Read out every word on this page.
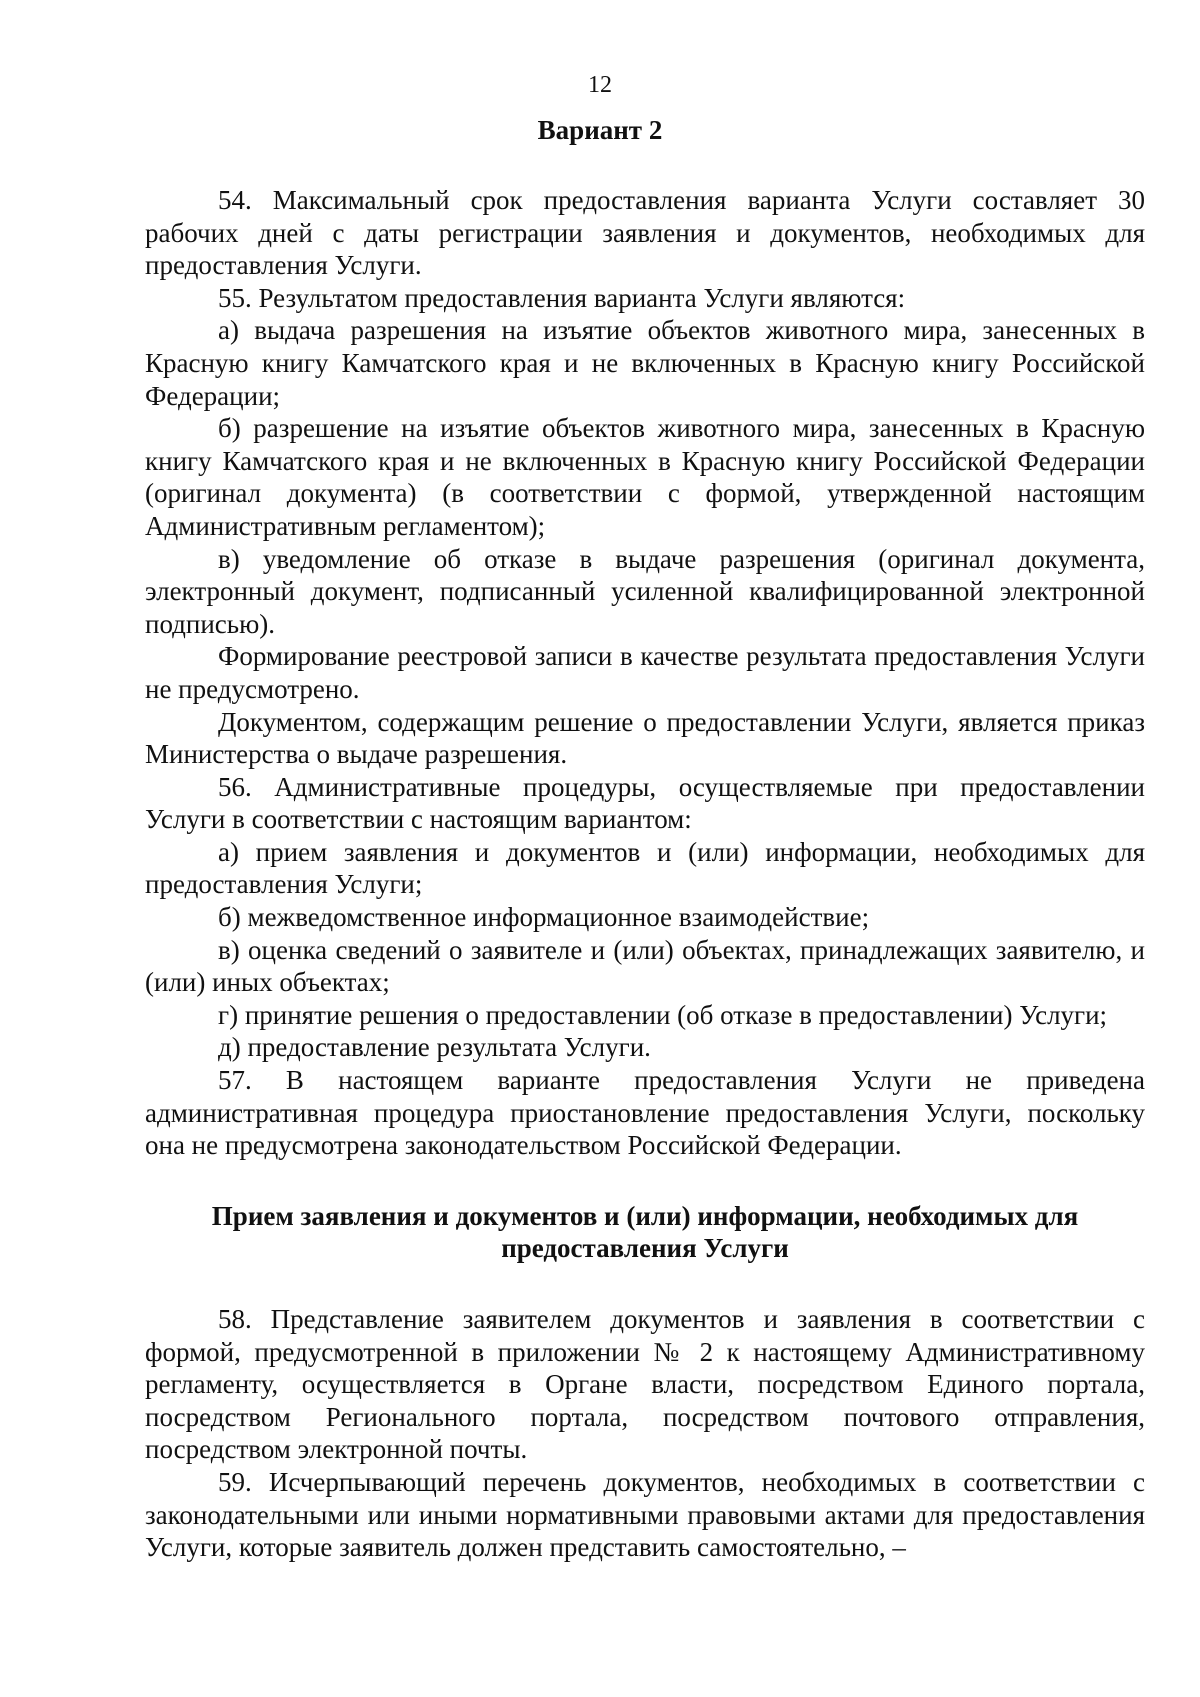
12

Вариант 2

54. Максимальный срок предоставления варианта Услуги составляет 30 рабочих дней с даты регистрации заявления и документов, необходимых для предоставления Услуги.

55. Результатом предоставления варианта Услуги являются:

а) выдача разрешения на изъятие объектов животного мира, занесенных в Красную книгу Камчатского края и не включенных в Красную книгу Российской Федерации;

б) разрешение на изъятие объектов животного мира, занесенных в Красную книгу Камчатского края и не включенных в Красную книгу Российской Федерации (оригинал документа) (в соответствии с формой, утвержденной настоящим Административным регламентом);

в) уведомление об отказе в выдаче разрешения (оригинал документа, электронный документ, подписанный усиленной квалифицированной электронной подписью).

Формирование реестровой записи в качестве результата предоставления Услуги не предусмотрено.

Документом, содержащим решение о предоставлении Услуги, является приказ Министерства о выдаче разрешения.

56. Административные процедуры, осуществляемые при предоставлении Услуги в соответствии с настоящим вариантом:

а) прием заявления и документов и (или) информации, необходимых для предоставления Услуги;

б) межведомственное информационное взаимодействие;

в) оценка сведений о заявителе и (или) объектах, принадлежащих заявителю, и (или) иных объектах;

г) принятие решения о предоставлении (об отказе в предоставлении) Услуги;

д) предоставление результата Услуги.

57. В настоящем варианте предоставления Услуги не приведена административная процедура приостановление предоставления Услуги, поскольку она не предусмотрена законодательством Российской Федерации.

Прием заявления и документов и (или) информации, необходимых для предоставления Услуги

58. Представление заявителем документов и заявления в соответствии с формой, предусмотренной в приложении № 2 к настоящему Административному регламенту, осуществляется в Органе власти, посредством Единого портала, посредством Регионального портала, посредством почтового отправления, посредством электронной почты.

59. Исчерпывающий перечень документов, необходимых в соответствии с законодательными или иными нормативными правовыми актами для предоставления Услуги, которые заявитель должен представить самостоятельно, –
